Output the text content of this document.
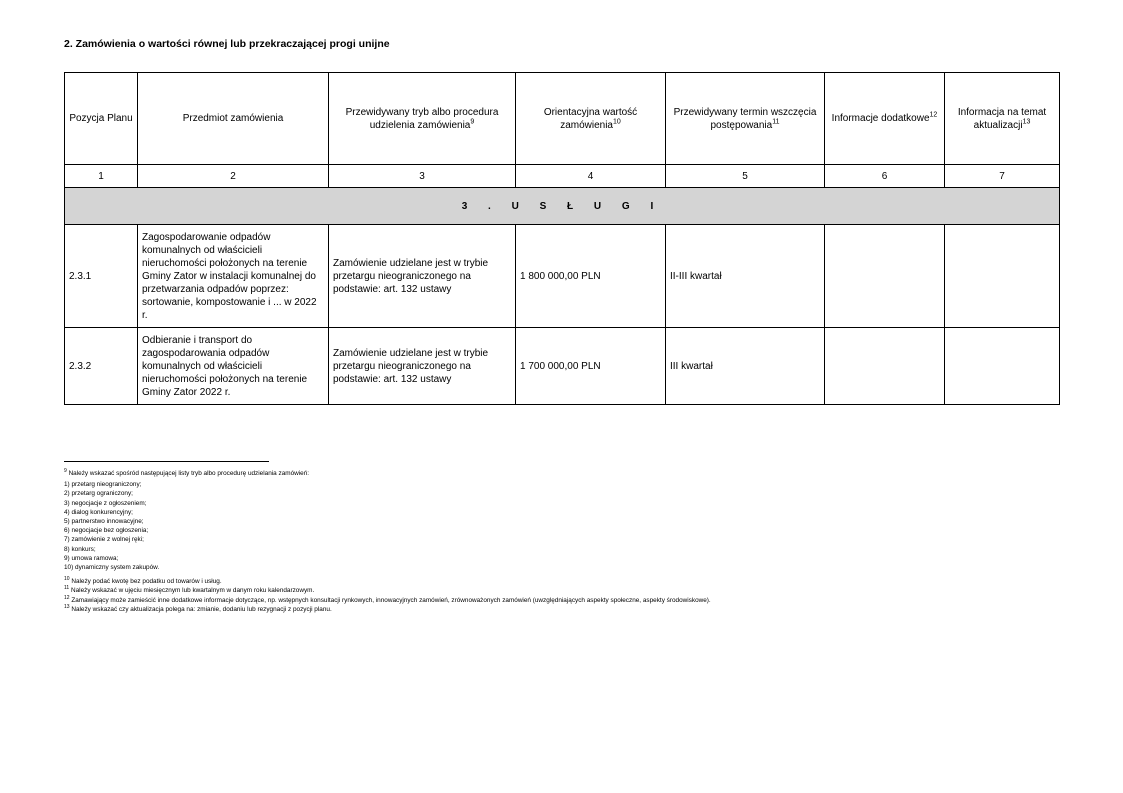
2. Zamówienia o wartości równej lub przekraczającej progi unijne
Pozycja Planu	Przedmiot zamówienia	Przewidywany tryb albo procedura udzielenia zamówienia$^9$	Orientacyjna wartość zamówienia$^{10}$	Przewidywany termin wszczęcia postępowania$^{11}$	Informacje dodatkowe$^{12}$	Informacja na temat aktualizacji$^{13}$
1	2	3	4	5	6	7
3 . U S Ł U G I						
2.3.1	Zagospodarowanie odpadów komunalnych od właścicieli nieruchomości położonych na terenie Gminy Zator w instalacji komunalnej do przetwarzania odpadów poprzez: sortowanie, kompostowanie i ... w 2022 r.	Zamówienie udzielane jest w trybie przetargu nieograniczonego na podstawie: art. 132 ustawy	1 800 000,00 PLN	II-III kwartał		
2.3.2	Odbieranie i transport do zagospodarowania odpadów komunalnych od właścicieli nieruchomości położonych na terenie Gminy Zator 2022 r.	Zamówienie udzielane jest w trybie przetargu nieograniczonego na podstawie: art. 132 ustawy	1 700 000,00 PLN	III kwartał		

$^9$ Należy wskazać spośród następującej listy tryb albo procedurę udzielania zamówień:

1) przetarg nieograniczony;

2) przetarg ograniczony;

3) negocjacje z ogłoszeniem;

4) dialog konkurencyjny;

5) partnerstwo innowacyjne;

6) negocjacje bez ogłoszenia;

7) zamówienie z wolnej ręki;

8) konkurs;

9) umowa ramowa;

10) dynamiczny system zakupów.

$^{10}$ Należy podać kwotę bez podatku od towarów i usług.

$^{11}$ Należy wskazać w ujęciu miesięcznym lub kwartalnym w danym roku kalendarzowym.

$^{12}$ Zamawiający może zamieścić inne dodatkowe informacje dotyczące, np. wstępnych konsultacji rynkowych, innowacyjnych zamówień, zrównoważonych zamówień (uwzględniających aspekty społeczne, aspekty środowiskowe).

$^{13}$ Należy wskazać czy aktualizacja polega na: zmianie, dodaniu lub rezygnacji z pozycji planu.
